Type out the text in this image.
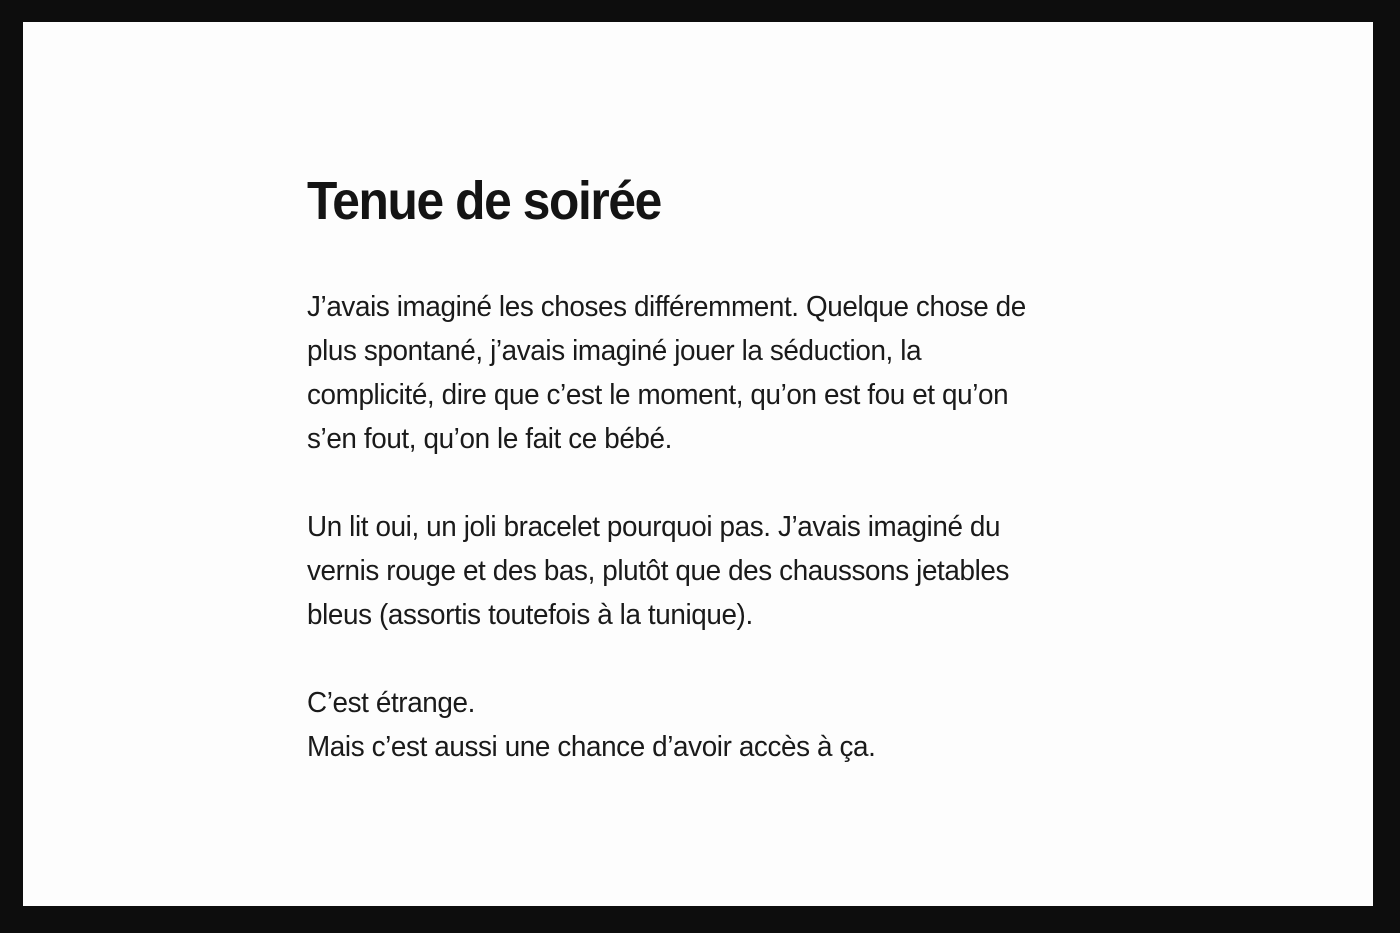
Tenue de soirée
J’avais imaginé les choses différemment. Quelque chose de
plus spontané, j’avais imaginé jouer la séduction, la
complicité, dire que c’est le moment, qu’on est fou et qu’on
s’en fout, qu’on le fait ce bébé.
Un lit oui, un joli bracelet pourquoi pas. J’avais imaginé du
vernis rouge et des bas, plutôt que des chaussons jetables
bleus (assortis toutefois à la tunique).
C’est étrange.
Mais c’est aussi une chance d’avoir accès à ça.
